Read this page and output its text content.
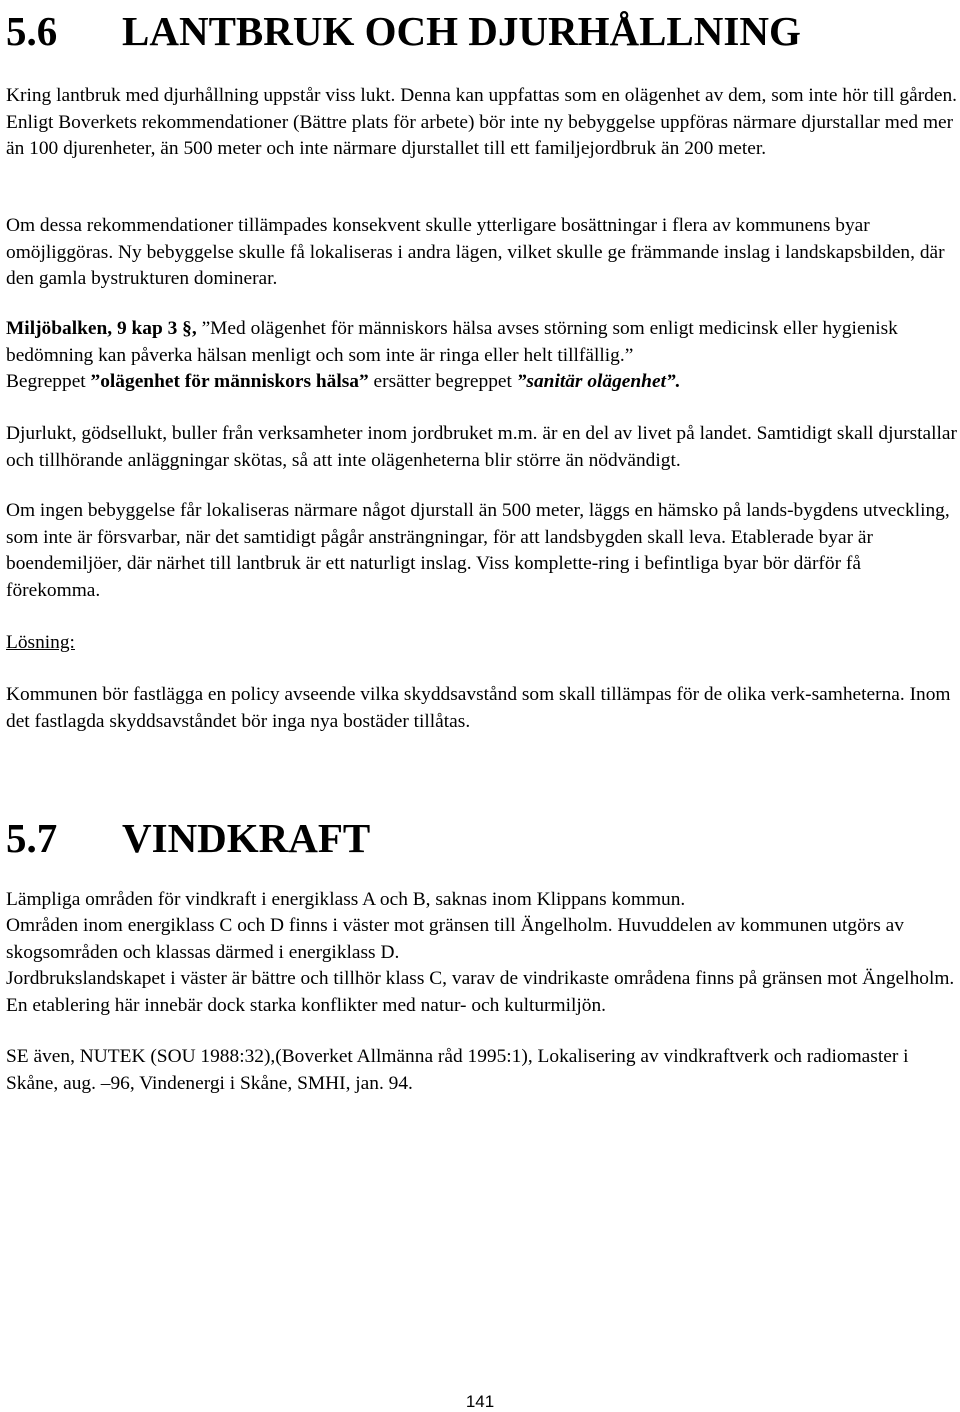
5.6	LANTBRUK OCH DJURHÅLLNING

Kring lantbruk med djurhållning uppstår viss lukt. Denna kan uppfattas som en olägenhet av dem, som inte hör till gården. Enligt Boverkets rekommendationer (Bättre plats för arbete) bör inte ny bebyggelse uppföras närmare djurstallar med mer än 100 djurenheter, än 500 meter och inte närmare djurstallet till ett familjejordbruk än 200 meter.

Om dessa rekommendationer tillämpades konsekvent skulle ytterligare bosättningar i flera av kommunens byar omöjliggöras. Ny bebyggelse skulle få lokaliseras i andra lägen, vilket skulle ge främmande inslag i landskapsbilden, där den gamla bystrukturen dominerar.

Miljöbalken, 9 kap 3 §, ”Med olägenhet för människors hälsa avses störning som enligt medicinsk eller hygienisk bedömning kan påverka hälsan menligt och som inte är ringa eller helt tillfällig.”

Begreppet ”olägenhet för människors hälsa” ersätter begreppet ”sanitär olägenhet”.

Djurlukt, gödsellukt, buller från verksamheter inom jordbruket m.m. är en del av livet på landet. Samtidigt skall djurstallar och tillhörande anläggningar skötas, så att inte olägenheterna blir större än nödvändigt.

Om ingen bebyggelse får lokaliseras närmare något djurstall än 500 meter, läggs en hämsko på lands-bygdens utveckling, som inte är försvarbar, när det samtidigt pågår ansträngningar, för att landsbygden skall leva. Etablerade byar är boendemiljöer, där närhet till lantbruk är ett naturligt inslag. Viss komplette-ring i befintliga byar bör därför få förekomma.

Lösning:

Kommunen bör fastlägga en policy avseende vilka skyddsavstånd som skall tillämpas för de olika verk-samheterna. Inom det fastlagda skyddsavståndet bör inga nya bostäder tillåtas.

5.7	VINDKRAFT

Lämpliga områden för vindkraft i energiklass A och B, saknas inom Klippans kommun.

Områden inom energiklass C och D finns i väster mot gränsen till Ängelholm. Huvuddelen av kommunen utgörs av skogsområden och klassas därmed i energiklass D.

Jordbrukslandskapet i väster är bättre och tillhör klass C, varav de vindrikaste områdena finns på gränsen mot Ängelholm. En etablering här innebär dock starka konflikter med natur- och kulturmiljön.

SE även, NUTEK (SOU 1988:32),(Boverket Allmänna råd 1995:1), Lokalisering av vindkraftverk och radiomaster i Skåne, aug. –96, Vindenergi i Skåne, SMHI, jan. 94.

141
